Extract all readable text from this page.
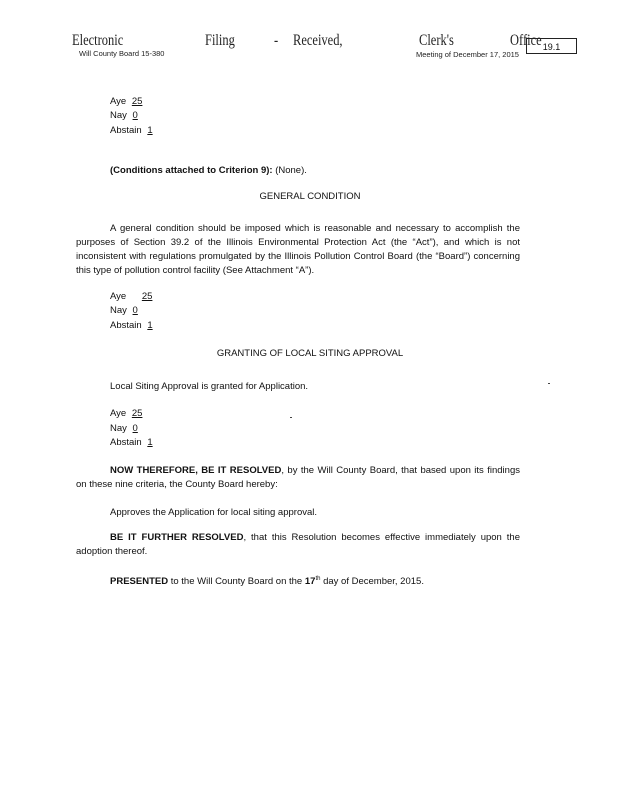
Electronic	Filing - Received,	Clerk's	Office
Will County Board 15-380	Meeting of December 17, 2015
19.1
Aye 25
Nay 0
Abstain 1
(Conditions attached to Criterion 9): (None).
GENERAL CONDITION
A general condition should be imposed which is reasonable and necessary to accomplish the purposes of Section 39.2 of the Illinois Environmental Protection Act (the “Act”), and which is not inconsistent with regulations promulgated by the Illinois Pollution Control Board (the “Board”) concerning this type of pollution control facility (See Attachment “A”).
Aye 25
Nay 0
Abstain 1
GRANTING OF LOCAL SITING APPROVAL
Local Siting Approval is granted for Application.
Aye 25
Nay 0
Abstain 1
NOW THEREFORE, BE IT RESOLVED, by the Will County Board, that based upon its findings on these nine criteria, the County Board hereby:
Approves the Application for local siting approval.
BE IT FURTHER RESOLVED, that this Resolution becomes effective immediately upon the adoption thereof.
PRESENTED to the Will County Board on the 17th day of December, 2015.
